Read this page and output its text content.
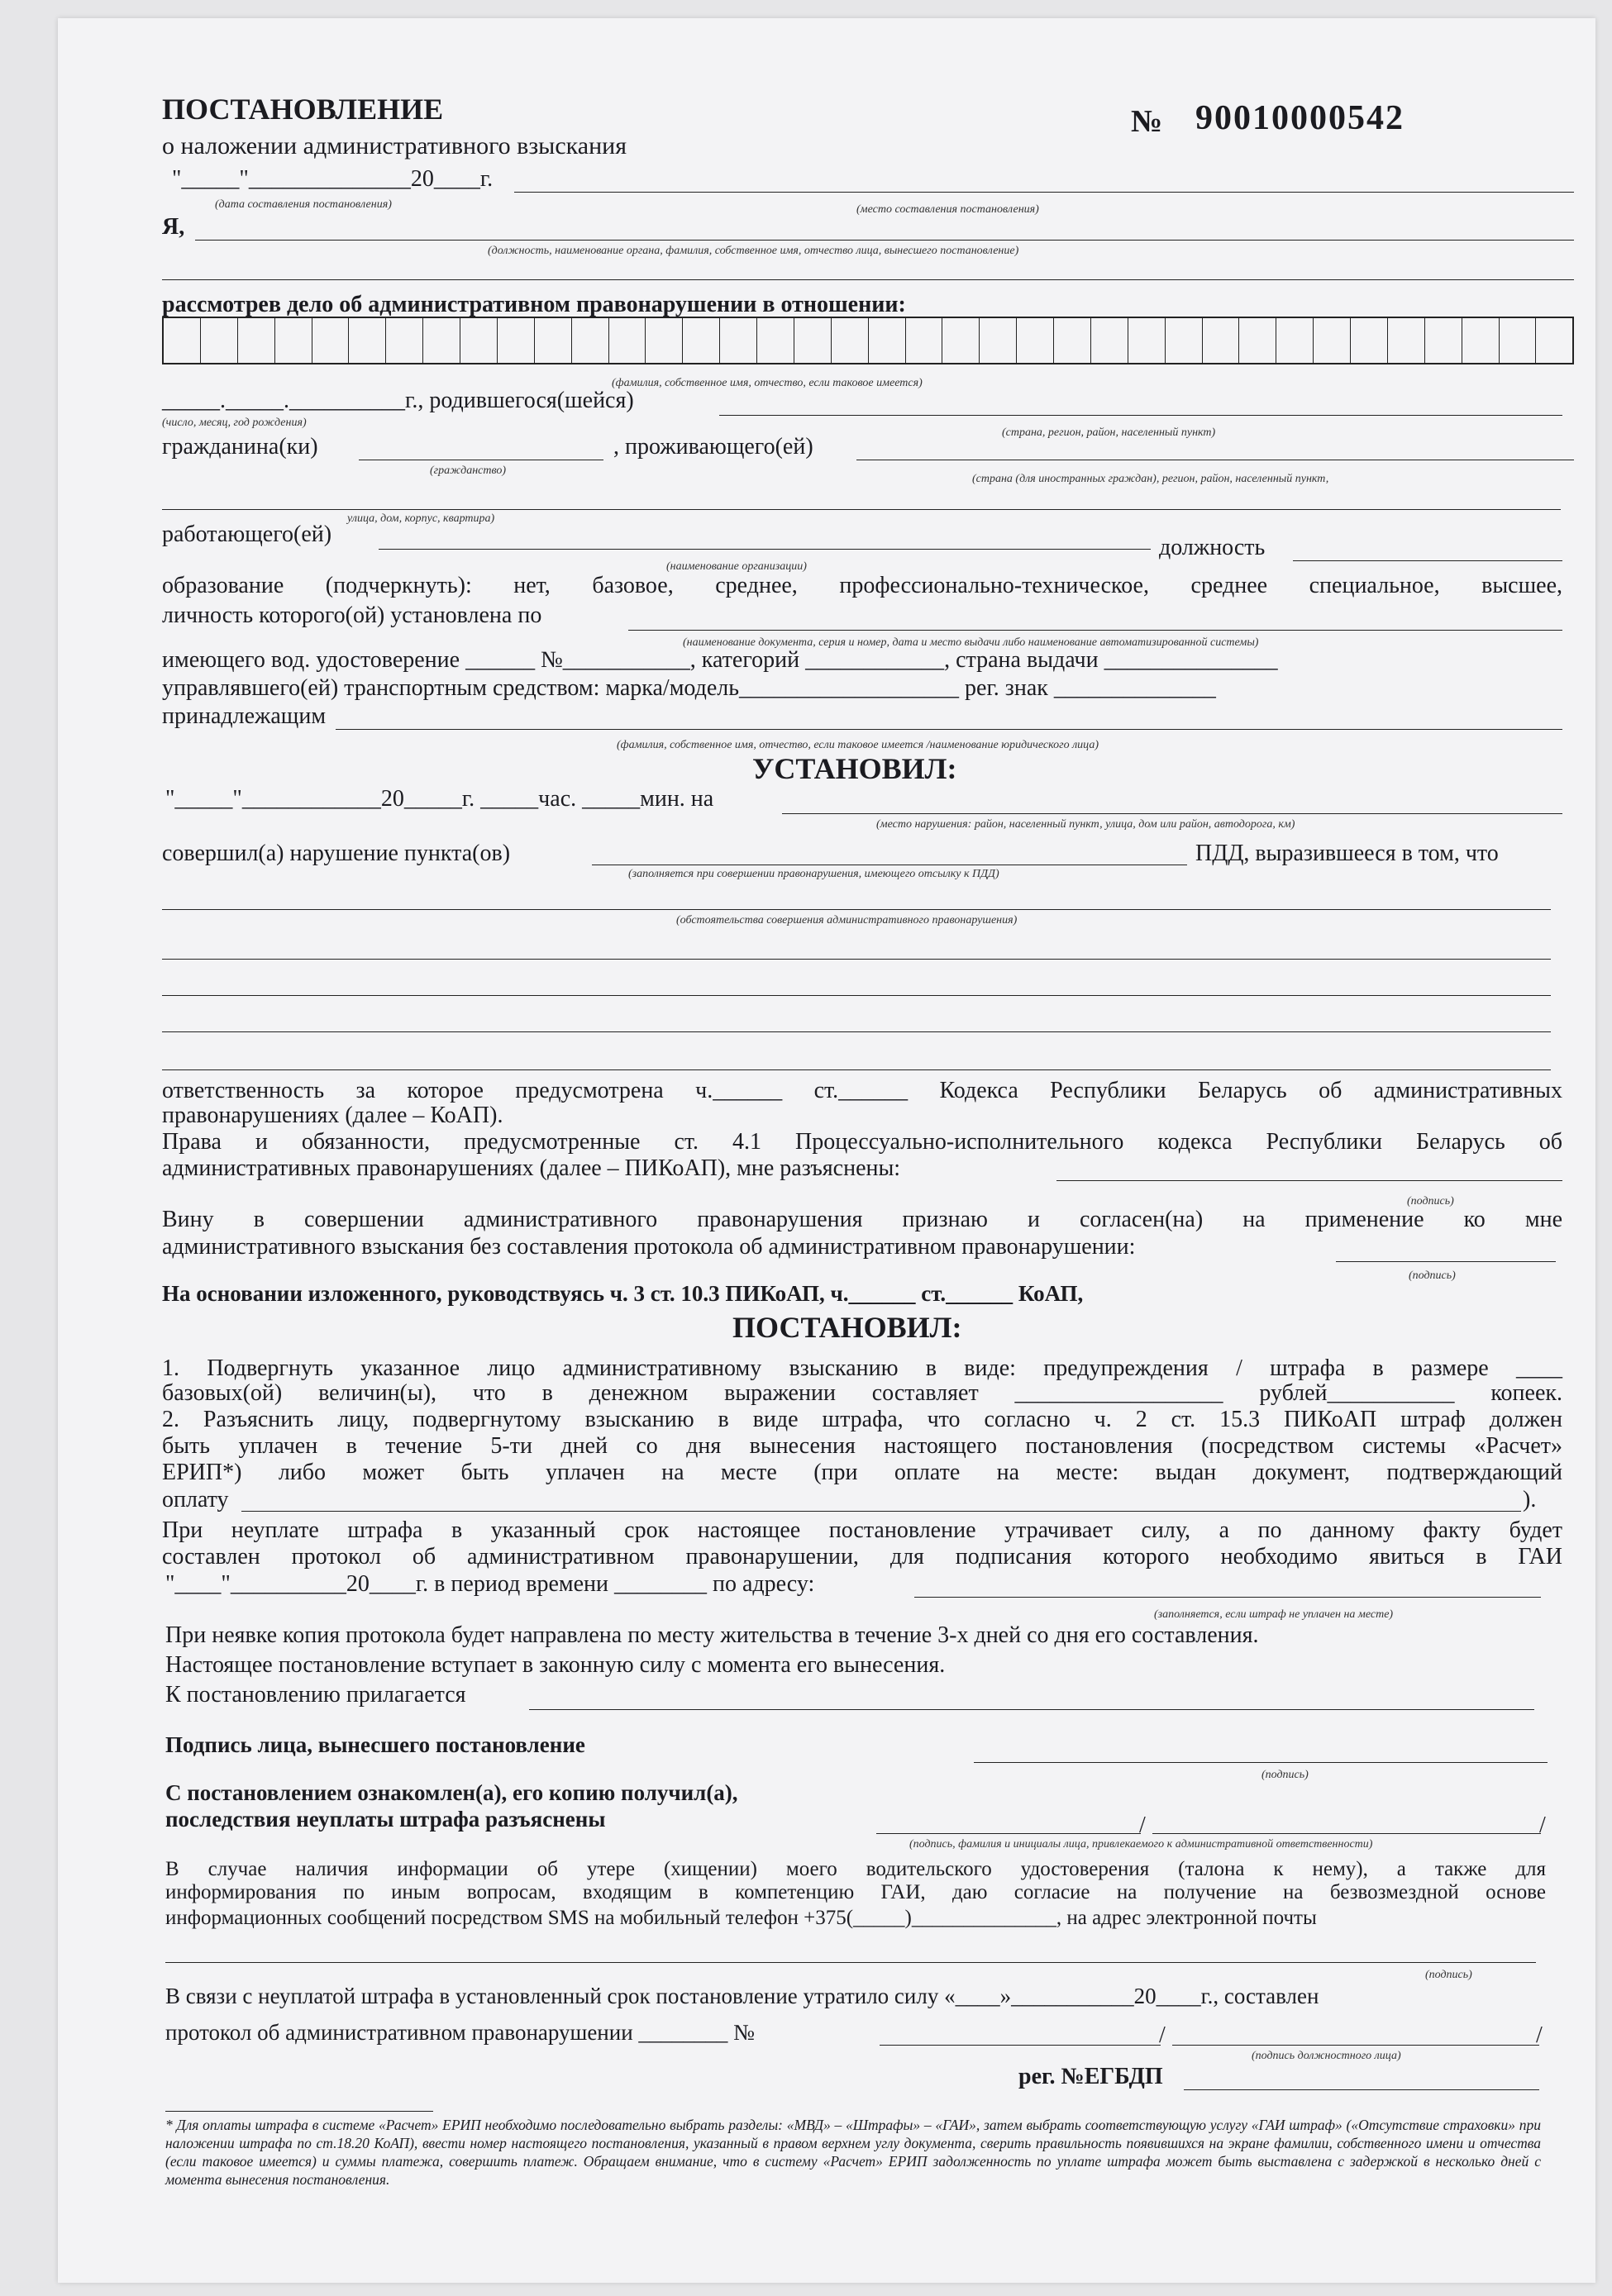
ПОСТАНОВЛЕНИЕ
о наложении административного взыскания
№ 90010000542
"_____"______________20____г.
(дата составления постановления)	(место составления постановления)
Я,
(должность, наименование органа, фамилия, собственное имя, отчество лица, вынесшего постановление)
рассмотрев дело об административном правонарушении в отношении:
(фамилия, собственное имя, отчество, если таковое имеется)
_____._____.__________г., родившегося(шейся)
(число, месяц, год рождения)
(страна, регион, район, населенный пункт)
гражданина(ки)	, проживающего(ей)
(гражданство)
(страна (для иностранных граждан), регион, район, населенный пункт,
улица, дом, корпус, квартира)
работающего(ей)
должность
(наименование организации)
образование (подчеркнуть): нет, базовое, среднее, профессионально-техническое, среднее специальное, высшее,
личность которого(ой) установлена по
(наименование документа, серия и номер, дата и место выдачи либо наименование автоматизированной системы)
имеющего вод. удостоверение ______ №___________, категорий ____________, страна выдачи _______________
управлявшего(ей) транспортным средством: марка/модель___________________ рег. знак ______________
принадлежащим
(фамилия, собственное имя, отчество, если таковое имеется /наименование юридического лица)
УСТАНОВИЛ:
"_____"____________20_____г. _____час. _____мин. на
(место нарушения: район, населенный пункт, улица, дом или район, автодорога, км)
совершил(а) нарушение пункта(ов)	ПДД, выразившееся в том, что
(заполняется при совершении правонарушения, имеющего отсылку к ПДД)
(обстоятельства совершения административного правонарушения)
ответственность за которое предусмотрена ч.______ ст.______ Кодекса Республики Беларусь об административных
правонарушениях (далее – КоАП).
Права и обязанности, предусмотренные ст. 4.1 Процессуально-исполнительного кодекса Республики Беларусь об
административных правонарушениях (далее – ПИКоАП), мне разъяснены:
(подпись)
Вину в совершении административного правонарушения признаю и согласен(на) на применение ко мне
административного взыскания без составления протокола об административном правонарушении:
(подпись)
На основании изложенного, руководствуясь ч. 3 ст. 10.3 ПИКоАП, ч.______ ст.______ КоАП,
ПОСТАНОВИЛ:
1. Подвергнуть указанное лицо административному взысканию в виде: предупреждения / штрафа в размере ____
базовых(ой) величин(ы), что в денежном выражении составляет __________________ рублей___________ копеек.
2. Разъяснить лицу, подвергнутому взысканию в виде штрафа, что согласно ч. 2 ст. 15.3 ПИКоАП штраф должен
быть уплачен в течение 5-ти дней со дня вынесения настоящего постановления (посредством системы «Расчет»
ЕРИП*) либо может быть уплачен на месте (при оплате на месте: выдан документ, подтверждающий
оплату	).
При неуплате штрафа в указанный срок настоящее постановление утрачивает силу, а по данному факту будет
составлен протокол об административном правонарушении, для подписания которого необходимо явиться в ГАИ
"____"__________20____г. в период времени ________ по адресу:
(заполняется, если штраф не уплачен на месте)
При неявке копия протокола будет направлена по месту жительства в течение 3-х дней со дня его составления.
Настоящее постановление вступает в законную силу с момента его вынесения.
К постановлению прилагается
Подпись лица, вынесшего постановление
(подпись)
С постановлением ознакомлен(а), его копию получил(а),
последствия неуплаты штрафа разъяснены	/	/
(подпись, фамилия и инициалы лица, привлекаемого к административной ответственности)
В случае наличия информации об утере (хищении) моего водительского удостоверения (талона к нему), а также для
информирования по иным вопросам, входящим в компетенцию ГАИ, даю согласие на получение на безвозмездной основе
информационных сообщений посредством SMS на мобильный телефон +375(_____)______________, на адрес электронной почты
(подпись)
В связи с неуплатой штрафа в установленный срок постановление утратило силу «____»___________20____г., составлен
протокол об административном правонарушении ________ №	/	/
(подпись должностного лица)
рег. №ЕГБДП
* Для оплаты штрафа в системе «Расчет» ЕРИП необходимо последовательно выбрать разделы: «МВД» – «Штрафы» – «ГАИ», затем выбрать соответствующую услугу «ГАИ штраф» («Отсутствие страховки» при наложении штрафа по ст.18.20 КоАП), ввести номер настоящего постановления, указанный в правом верхнем углу документа, сверить правильность появившихся на экране фамилии, собственного имени и отчества (если таковое имеется) и суммы платежа, совершить платеж. Обращаем внимание, что в систему «Расчет» ЕРИП задолженность по уплате штрафа может быть выставлена с задержкой в несколько дней с момента вынесения постановления.
